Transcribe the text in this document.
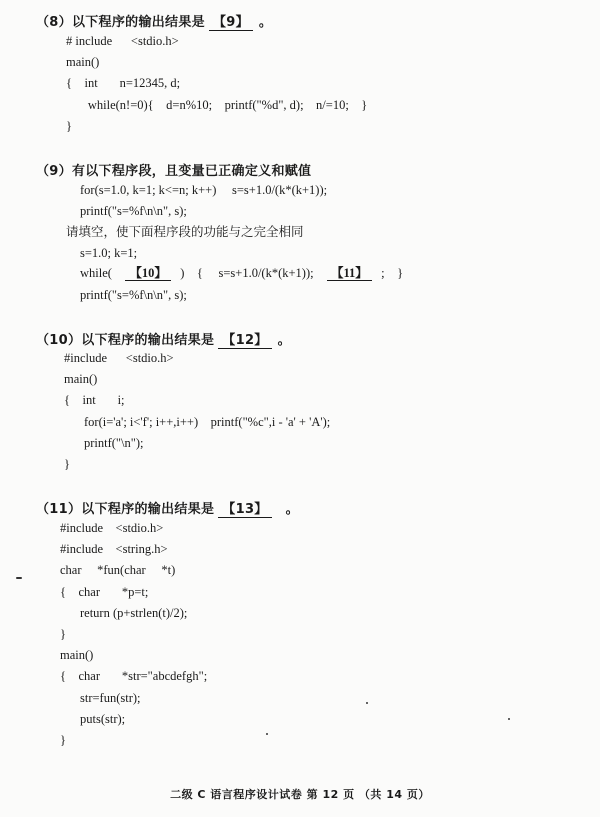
（8）以下程序的输出结果是 【9】 。
# include      <stdio.h>
main()
{    int       n=12345, d;
while(n!=0){    d=n%10;    printf("%d", d);    n/=10;    }
}
（9）有以下程序段，且变量已正确定义和赋值
for(s=1.0, k=1; k<=n; k++)     s=s+1.0/(k*(k+1));
printf("s=%f\n\n", s);
请填空，使下面程序段的功能与之完全相同
s=1.0; k=1;
while( 【10】 )    {     s=s+1.0/(k*(k+1)); 【11】 ;    }
printf("s=%f\n\n", s);
（10）以下程序的输出结果是 【12】 。
#include      <stdio.h>
main()
{    int       i;
for(i='a'; i<'f'; i++,i++)    printf("%c",i - 'a' + 'A');
printf("\n");
}
（11）以下程序的输出结果是 【13】 。
#include    <stdio.h>
#include    <string.h>
char     *fun(char     *t)
{    char       *p=t;
return (p+strlen(t)/2);
}
main()
{    char       *str="abcdefgh";
str=fun(str);
puts(str);
}
二级 C 语言程序设计试卷 第 12 页 （共 14 页）
